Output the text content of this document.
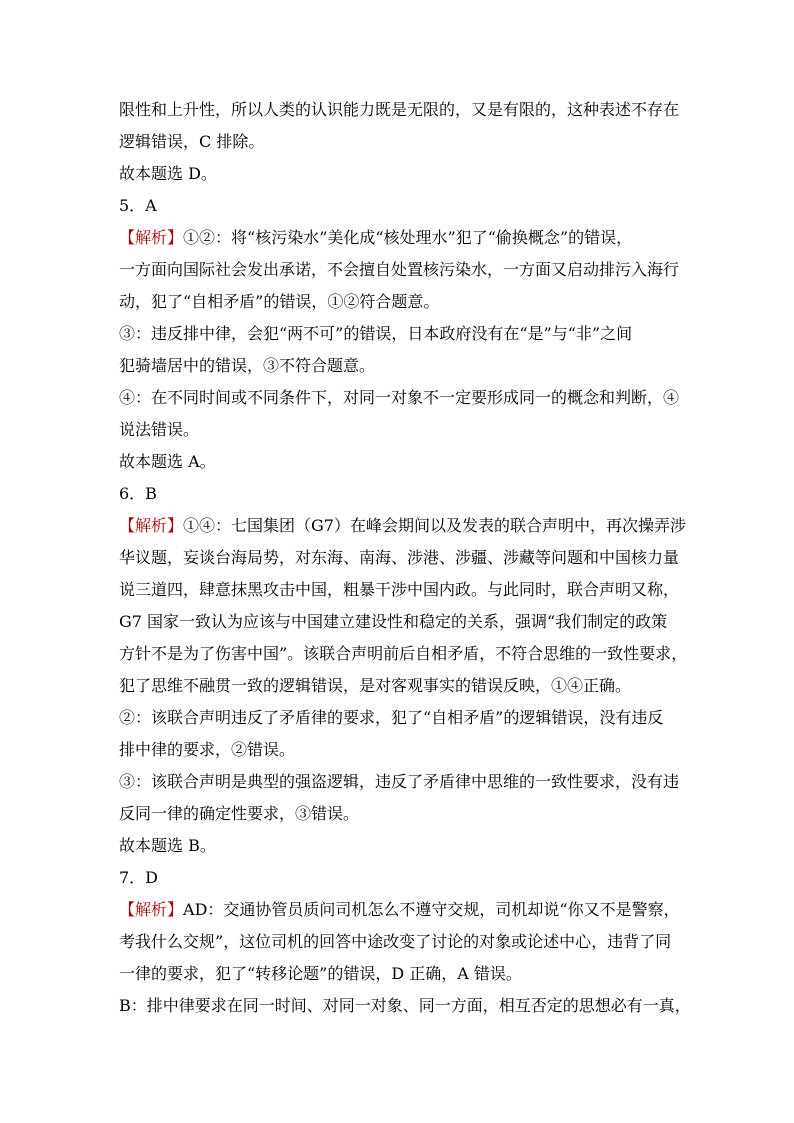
限性和上升性，所以人类的认识能力既是无限的，又是有限的，这种表述不存在
逻辑错误，C 排除。
故本题选 D。
5．A
【解析】①②：将“核污染水”美化成“核处理水”犯了“偷换概念”的错误，
一方面向国际社会发出承诺，不会擅自处置核污染水，一方面又启动排污入海行
动，犯了“自相矛盾”的错误，①②符合题意。
③：违反排中律，会犯“两不可”的错误，日本政府没有在“是”与“非”之间
犯骑墙居中的错误，③不符合题意。
④：在不同时间或不同条件下，对同一对象不一定要形成同一的概念和判断，④
说法错误。
故本题选 A。
6．B
【解析】①④：七国集团（G7）在峰会期间以及发表的联合声明中，再次操弄涉
华议题，妄谈台海局势，对东海、南海、涉港、涉疆、涉藏等问题和中国核力量
说三道四，肆意抹黑攻击中国，粗暴干涉中国内政。与此同时，联合声明又称，
G7 国家一致认为应该与中国建立建设性和稳定的关系，强调“我们制定的政策
方针不是为了伤害中国”。该联合声明前后自相矛盾，不符合思维的一致性要求，
犯了思维不融贯一致的逻辑错误，是对客观事实的错误反映，①④正确。
②：该联合声明违反了矛盾律的要求，犯了“自相矛盾”的逻辑错误，没有违反
排中律的要求，②错误。
③：该联合声明是典型的强盗逻辑，违反了矛盾律中思维的一致性要求，没有违
反同一律的确定性要求，③错误。
故本题选 B。
7．D
【解析】AD：交通协管员质问司机怎么不遵守交规，司机却说“你又不是警察，
考我什么交规”，这位司机的回答中途改变了讨论的对象或论述中心，违背了同
一律的要求，犯了“转移论题”的错误，D 正确，A 错误。
B：排中律要求在同一时间、对同一对象、同一方面，相互否定的思想必有一真，
